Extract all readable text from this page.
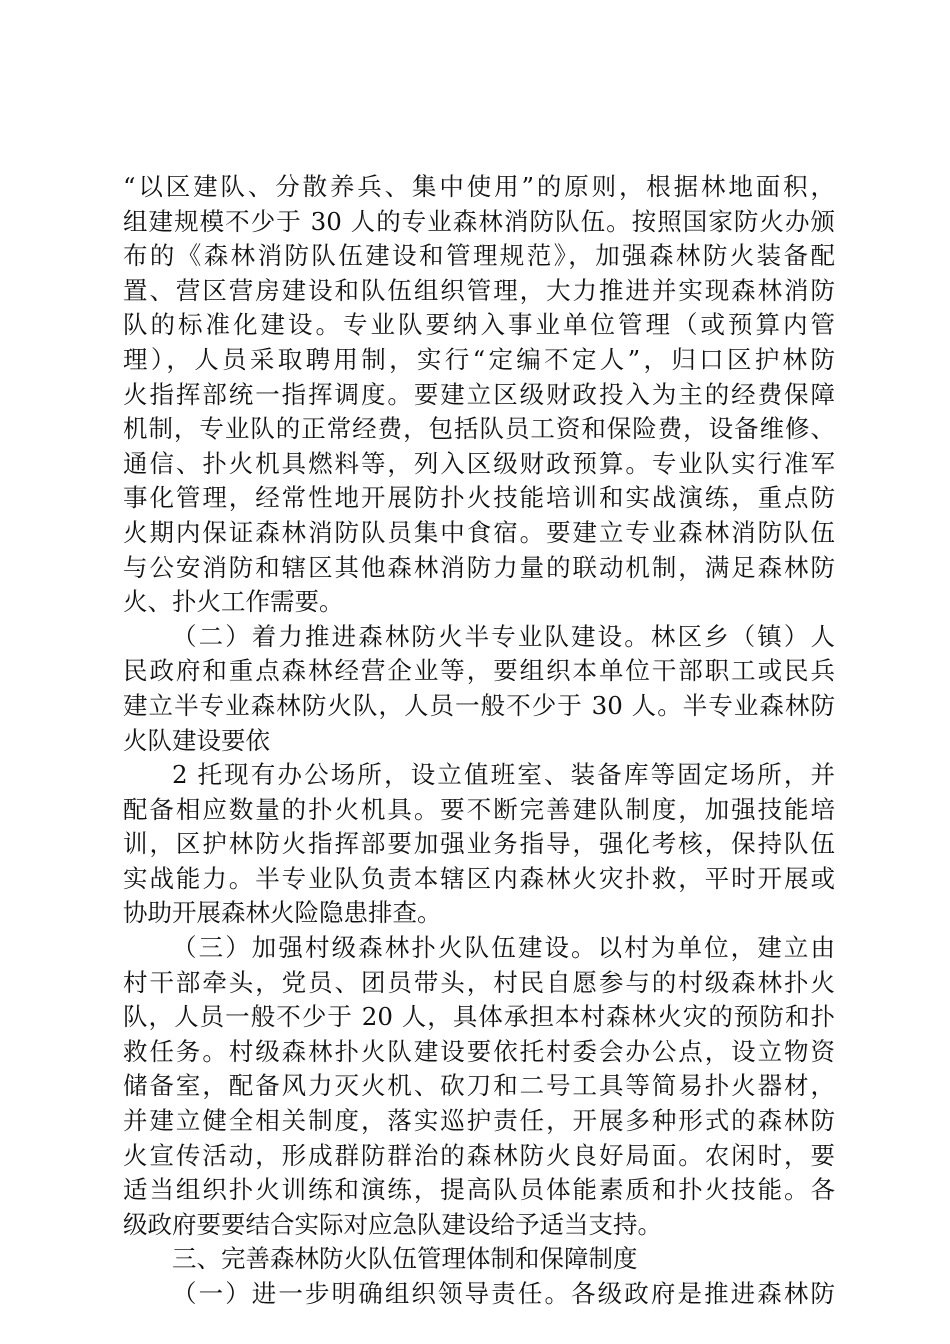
“以区建队、分散养兵、集中使用”的原则，根据林地面积，
组建规模不少于 30 人的专业森林消防队伍。按照国家防火办颁
布的《森林消防队伍建设和管理规范》，加强森林防火装备配
置、营区营房建设和队伍组织管理，大力推进并实现森林消防
队的标准化建设。专业队要纳入事业单位管理（或预算内管
理），人员采取聘用制，实行“定编不定人”，归口区护林防
火指挥部统一指挥调度。要建立区级财政投入为主的经费保障
机制，专业队的正常经费，包括队员工资和保险费，设备维修、
通信、扑火机具燃料等，列入区级财政预算。专业队实行准军
事化管理，经常性地开展防扑火技能培训和实战演练，重点防
火期内保证森林消防队员集中食宿。要建立专业森林消防队伍
与公安消防和辖区其他森林消防力量的联动机制，满足森林防
火、扑火工作需要。
（二）着力推进森林防火半专业队建设。林区乡（镇）人
民政府和重点森林经营企业等，要组织本单位干部职工或民兵
建立半专业森林防火队，人员一般不少于 30 人。半专业森林防
火队建设要依
2 托现有办公场所，设立值班室、装备库等固定场所，并
配备相应数量的扑火机具。要不断完善建队制度，加强技能培
训，区护林防火指挥部要加强业务指导，强化考核，保持队伍
实战能力。半专业队负责本辖区内森林火灾扑救，平时开展或
协助开展森林火险隐患排查。
（三）加强村级森林扑火队伍建设。以村为单位，建立由
村干部牵头，党员、团员带头，村民自愿参与的村级森林扑火
队，人员一般不少于 20 人，具体承担本村森林火灾的预防和扑
救任务。村级森林扑火队建设要依托村委会办公点，设立物资
储备室，配备风力灭火机、砍刀和二号工具等简易扑火器材，
并建立健全相关制度，落实巡护责任，开展多种形式的森林防
火宣传活动，形成群防群治的森林防火良好局面。农闲时，要
适当组织扑火训练和演练，提高队员体能素质和扑火技能。各
级政府要要结合实际对应急队建设给予适当支持。
三、完善森林防火队伍管理体制和保障制度
（一）进一步明确组织领导责任。各级政府是推进森林防
